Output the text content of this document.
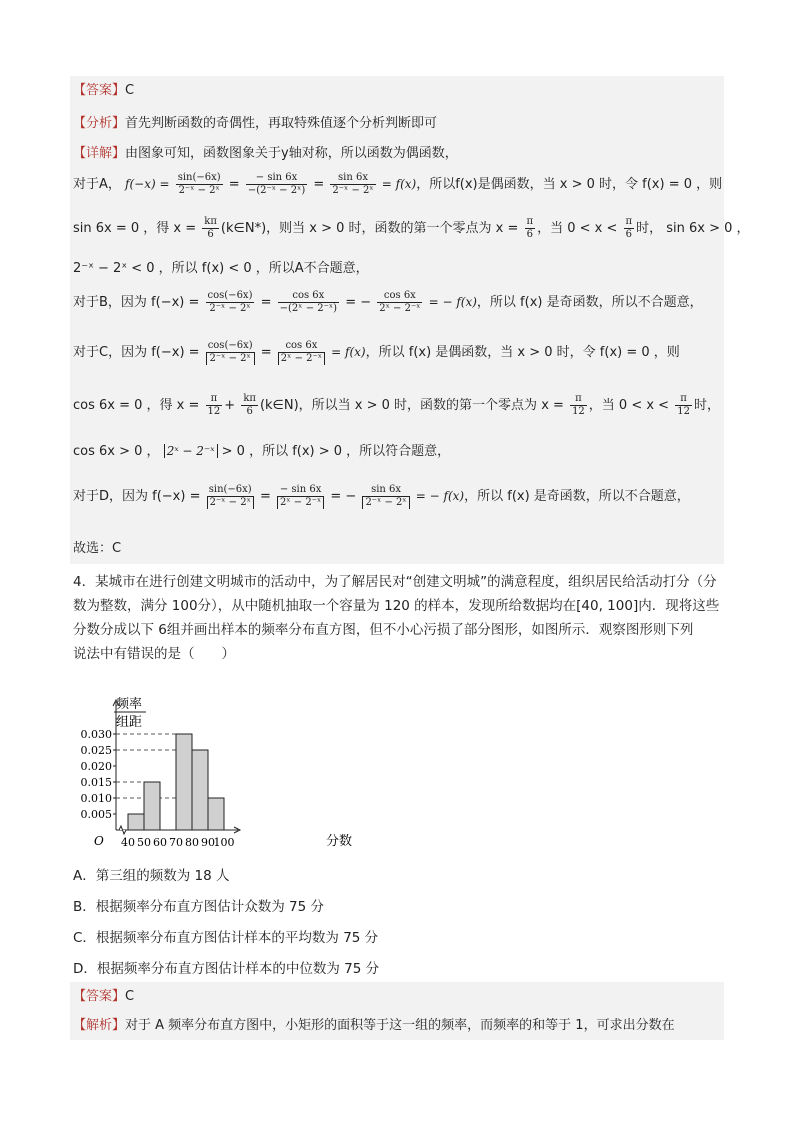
【答案】C
【分析】首先判断函数的奇偶性，再取特殊值逐个分析判断即可
【详解】由图象可知，函数图象关于y轴对称，所以函数为偶函数，
对于A， $f(-x) = \frac{\sin(-6x)}{\text{2⁻ˣ − 2ˣ}} = \frac{- \sin 6x}{\text{−(2⁻ˣ − 2ˣ)}} = \frac{\sin 6x}{\text{2⁻ˣ − 2ˣ}} = f(x)$，所以f(x)是偶函数，当 x > 0 时，令 f(x) = 0 ，则
sin 6x = 0 ，得 $x = \frac{k\pi}{6}$ (k∈N*)，则当 x > 0 时，函数的第一个零点为 $x = \frac{\pi}{6}$ ，当 $0 < x < \frac{\pi}{6}$ 时， sin 6x > 0 ，
2⁻ˣ − 2ˣ < 0 ，所以 f(x) < 0 ，所以A不合题意，
对于B，因为 $f(-x) = \frac{\cos(-6x)}{\text{2⁻ˣ − 2ˣ}} = \frac{\cos 6x}{\text{−(2ˣ − 2⁻ˣ)}}$ = − $\frac{\cos 6x}{\text{2ˣ − 2⁻ˣ}}$ = − f(x)，所以 f(x) 是奇函数，所以不合题意，
对于C，因为 $f(-x) = \frac{\cos(-6x)}{\text{2⁻ˣ − 2ˣ}} = \frac{\cos 6x}{\text{2ˣ − 2⁻ˣ}} = f(x)$，所以 f(x) 是偶函数，当 x > 0 时，令 f(x) = 0 ，则
cos 6x = 0 ，得 $x = \frac{\pi}{12} + \frac{k\pi}{6}$ (k∈N)，所以当 x > 0 时，函数的第一个零点为 $x = \frac{\pi}{12}$ ，当 $0 < x < \frac{\pi}{12}$ 时，
cos 6x > 0 ， 2ˣ − 2⁻ˣ > 0 ，所以 f(x) > 0 ，所以符合题意，
对于D，因为 $f(-x) = \frac{\sin(-6x)}{\text{2⁻ˣ − 2ˣ}} = \frac{- \sin 6x}{\text{2ˣ − 2⁻ˣ}}$ = − $\frac{\sin 6x}{\text{2⁻ˣ − 2ˣ}}$ = − f(x)，所以 f(x) 是奇函数，所以不合题意，
故选：C
4．某城市在进行创建文明城市的活动中，为了解居民对“创建文明城”的满意程度，组织居民给活动打分（分
数为整数，满分 100分），从中随机抽取一个容量为 120 的样本，发现所给数据均在[40, 100]内．现将这些
分数分成以下 6组并画出样本的频率分布直方图，但不小心污损了部分图形，如图所示．观察图形则下列
说法中有错误的是（　　）
频率
组距
0.005
0.010
0.015
0.020
0.025
0.030
40 50 60 70 80 90
100
O	分数
A．第三组的频数为 18 人
B．根据频率分布直方图估计众数为 75 分
C．根据频率分布直方图估计样本的平均数为 75 分
D．根据频率分布直方图估计样本的中位数为 75 分
【答案】C
【解析】对于 A 频率分布直方图中，小矩形的面积等于这一组的频率，而频率的和等于 1，可求出分数在
